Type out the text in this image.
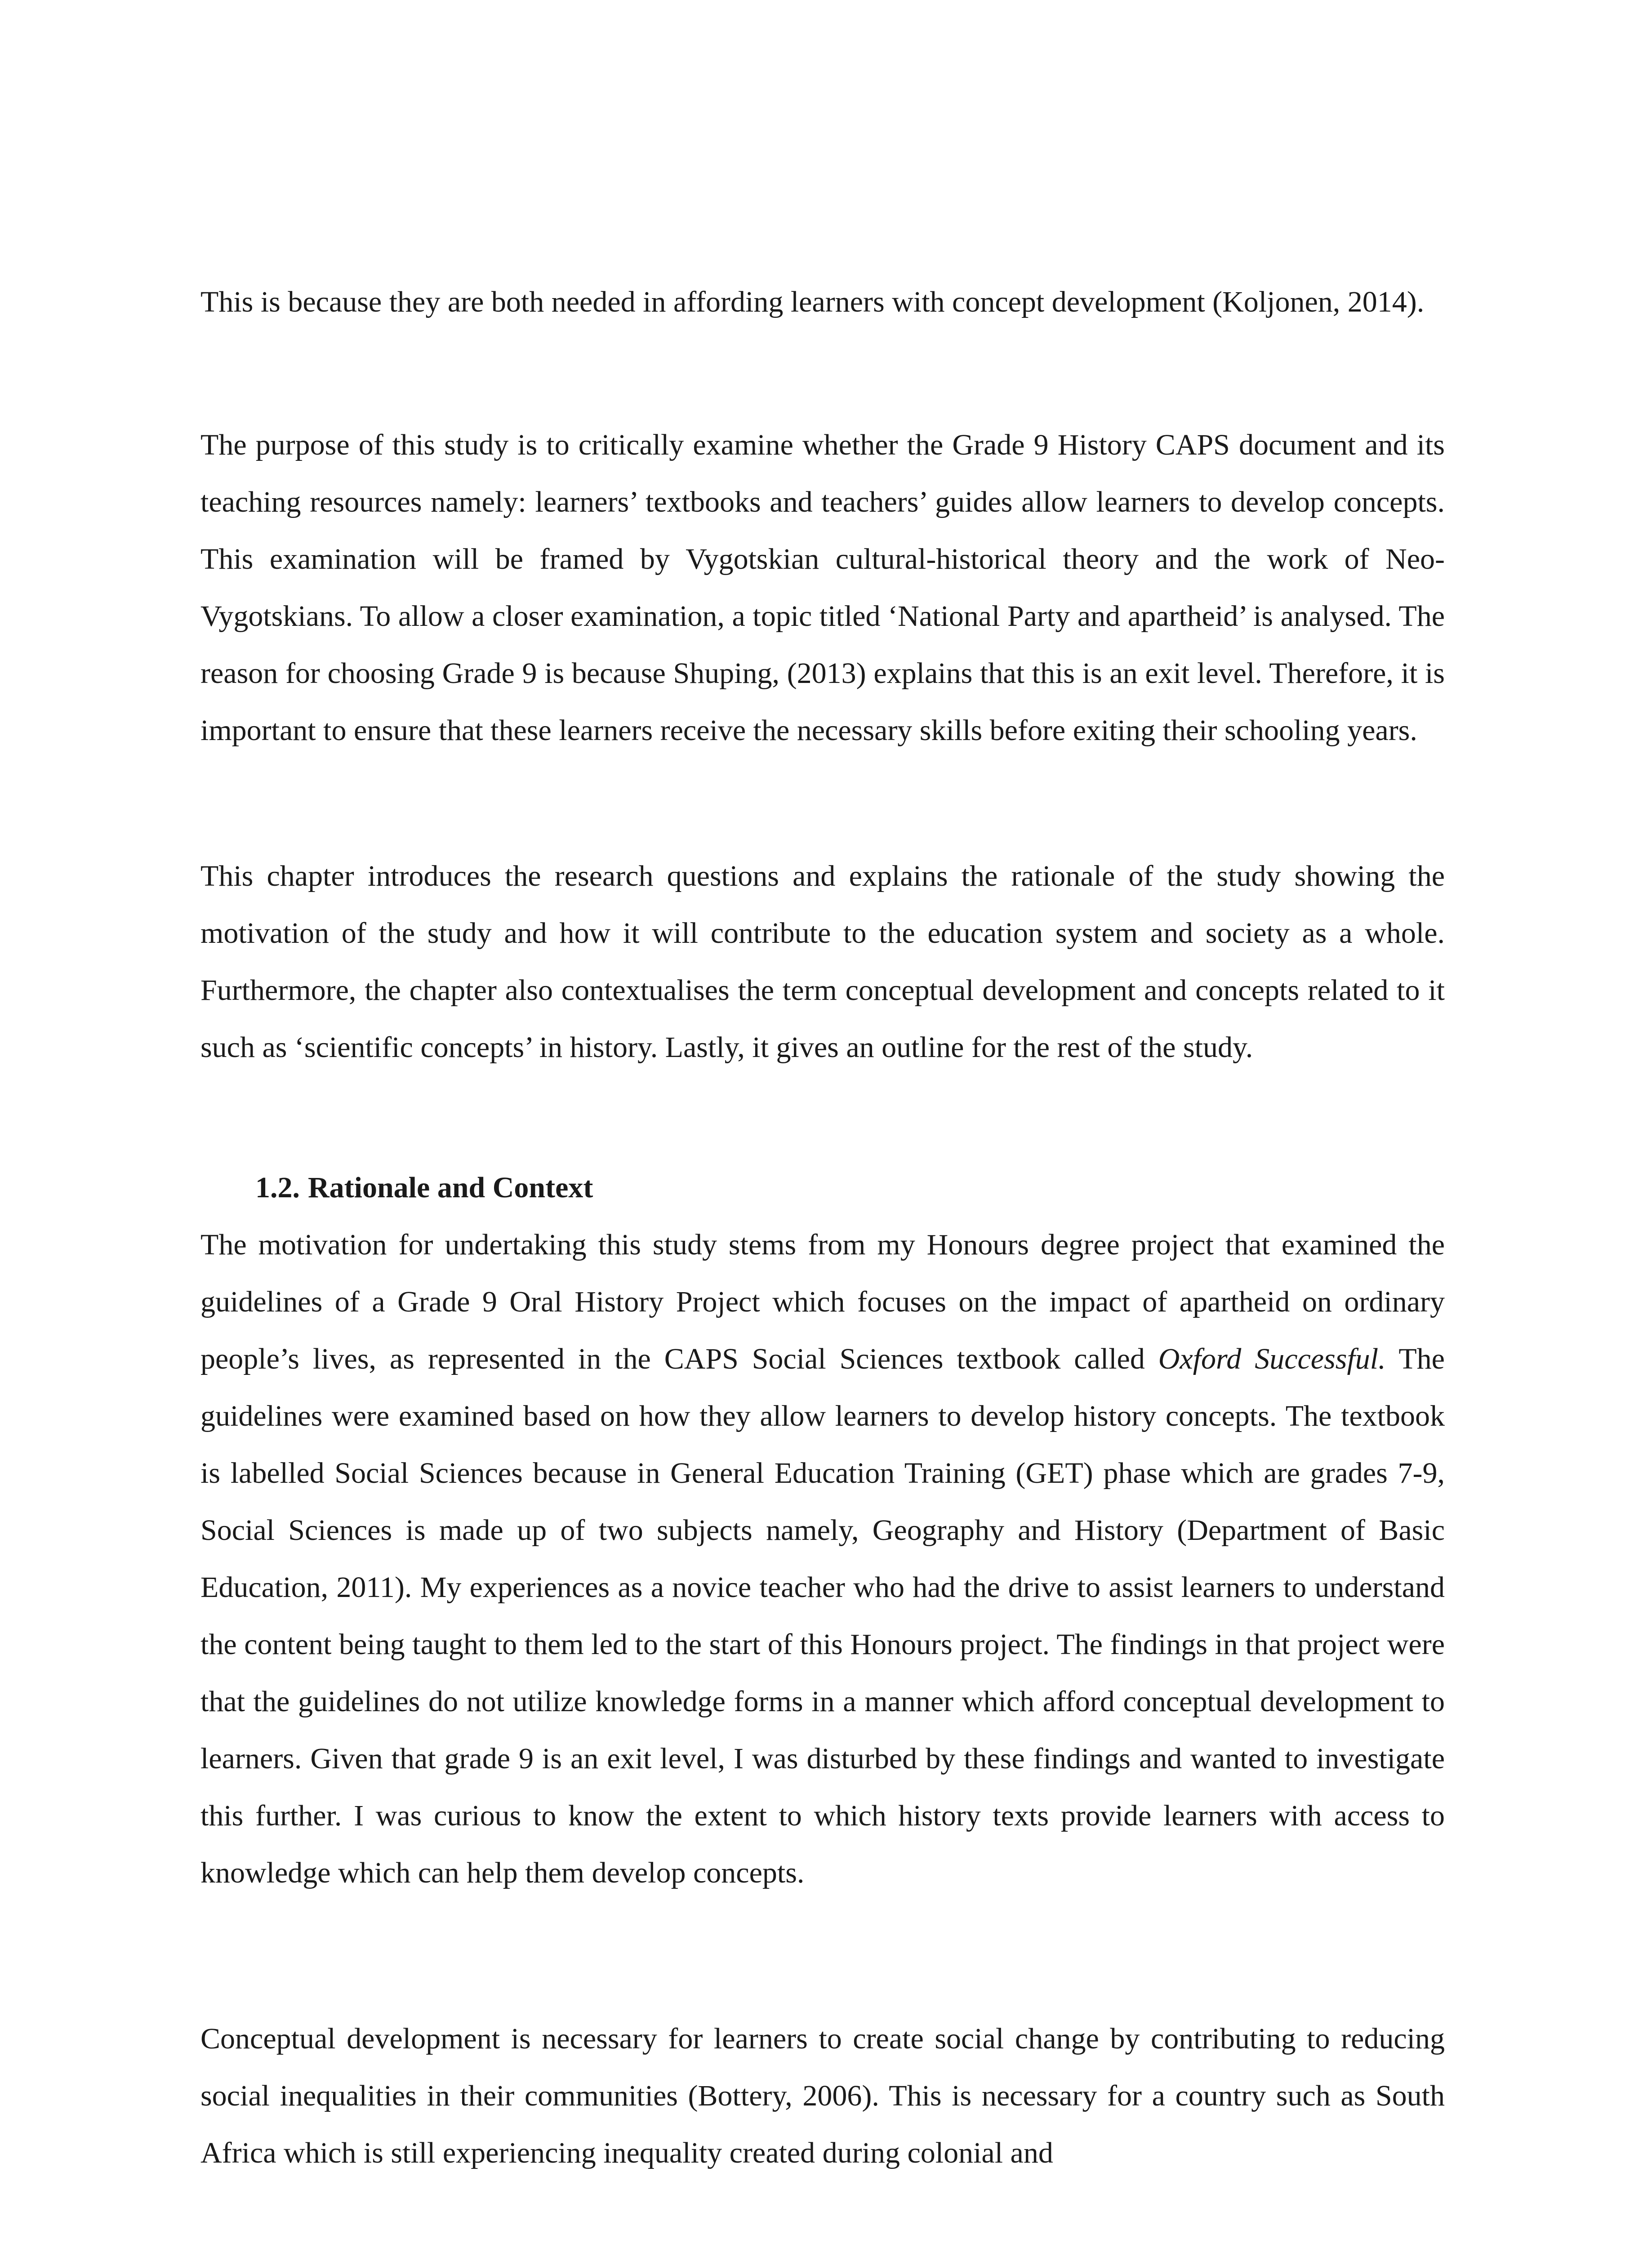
This is because they are both needed in affording learners with concept development (Koljonen, 2014).

The purpose of this study is to critically examine whether the Grade 9 History CAPS document and its teaching resources namely: learners’ textbooks and teachers’ guides allow learners to develop concepts. This examination will be framed by Vygotskian cultural-historical theory and the work of Neo-Vygotskians. To allow a closer examination, a topic titled ‘National Party and apartheid’ is analysed. The reason for choosing Grade 9 is because Shuping, (2013) explains that this is an exit level. Therefore, it is important to ensure that these learners receive the necessary skills before exiting their schooling years.

This chapter introduces the research questions and explains the rationale of the study showing the motivation of the study and how it will contribute to the education system and society as a whole. Furthermore, the chapter also contextualises the term conceptual development and concepts related to it such as ‘scientific concepts’ in history. Lastly, it gives an outline for the rest of the study.

1.2. Rationale and Context

The motivation for undertaking this study stems from my Honours degree project that examined the guidelines of a Grade 9 Oral History Project which focuses on the impact of apartheid on ordinary people’s lives, as represented in the CAPS Social Sciences textbook called Oxford Successful. The guidelines were examined based on how they allow learners to develop history concepts. The textbook is labelled Social Sciences because in General Education Training (GET) phase which are grades 7-9, Social Sciences is made up of two subjects namely, Geography and History (Department of Basic Education, 2011). My experiences as a novice teacher who had the drive to assist learners to understand the content being taught to them led to the start of this Honours project. The findings in that project were that the guidelines do not utilize knowledge forms in a manner which afford conceptual development to learners. Given that grade 9 is an exit level, I was disturbed by these findings and wanted to investigate this further. I was curious to know the extent to which history texts provide learners with access to knowledge which can help them develop concepts.

Conceptual development is necessary for learners to create social change by contributing to reducing social inequalities in their communities (Bottery, 2006). This is necessary for a country such as South Africa which is still experiencing inequality created during colonial and
